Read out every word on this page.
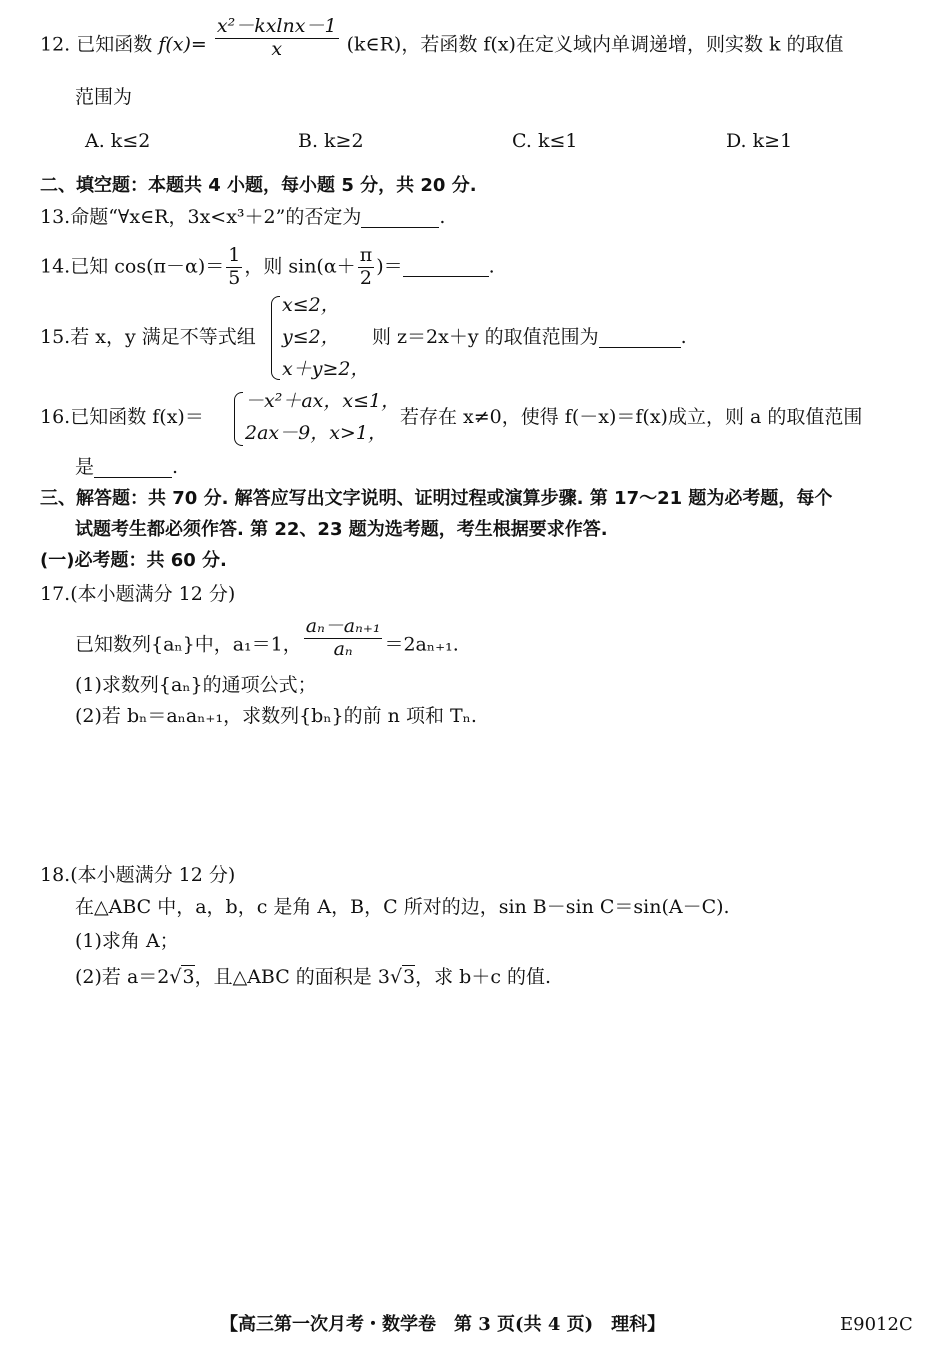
12. 已知函数 $f(x)= \frac{\text{x²－kxlnx－1}}{x}$ (k∈R)，若函数 f(x)在定义域内单调递增，则实数 k 的取值
范围为
A. k≤2	B. k≥2	C. k≤1	D. k≥1
二、填空题：本题共 4 小题，每小题 5 分，共 20 分.
13.命题“∀x∈R，3x<x³＋2”的否定为	.
14.已知 $\cos(\pi-\alpha)= \frac{1}{5}$ ，则 $\sin(\alpha+ \frac{\pi}{2}$ )＝	.
15.若 x，y 满足不等式组
x≤2，
y≤2，
x＋y≥2，
则 z＝2x＋y 的取值范围为	.
16.已知函数 f(x)＝
－x²＋ax，x≤1，
2ax－9，x>1，
若存在 x≠0，使得 f(－x)＝f(x)成立，则 a 的取值范围
是	.
三、解答题：共 70 分. 解答应写出文字说明、证明过程或演算步骤. 第 17～21 题为必考题，每个
试题考生都必须作答. 第 22、23 题为选考题，考生根据要求作答.
(一)必考题：共 60 分.
17.(本小题满分 12 分)
已知数列{aₙ}中，a₁＝1， $\frac{\text{aₙ－aₙ₊₁}}{\text{aₙ}} =2a_{n+1}$.
(1)求数列{aₙ}的通项公式；
(2)若 bₙ＝aₙaₙ₊₁，求数列{bₙ}的前 n 项和 Tₙ.
18.(本小题满分 12 分)
在△ABC 中，a，b，c 是角 A，B，C 所对的边，sin B－sin C＝sin(A－C).
(1)求角 A；
(2)若 a＝2√3，且△ABC 的面积是 3√3，求 b＋c 的值.
【高三第一次月考・数学卷　第 3 页(共 4 页)　理科】	E9012C
